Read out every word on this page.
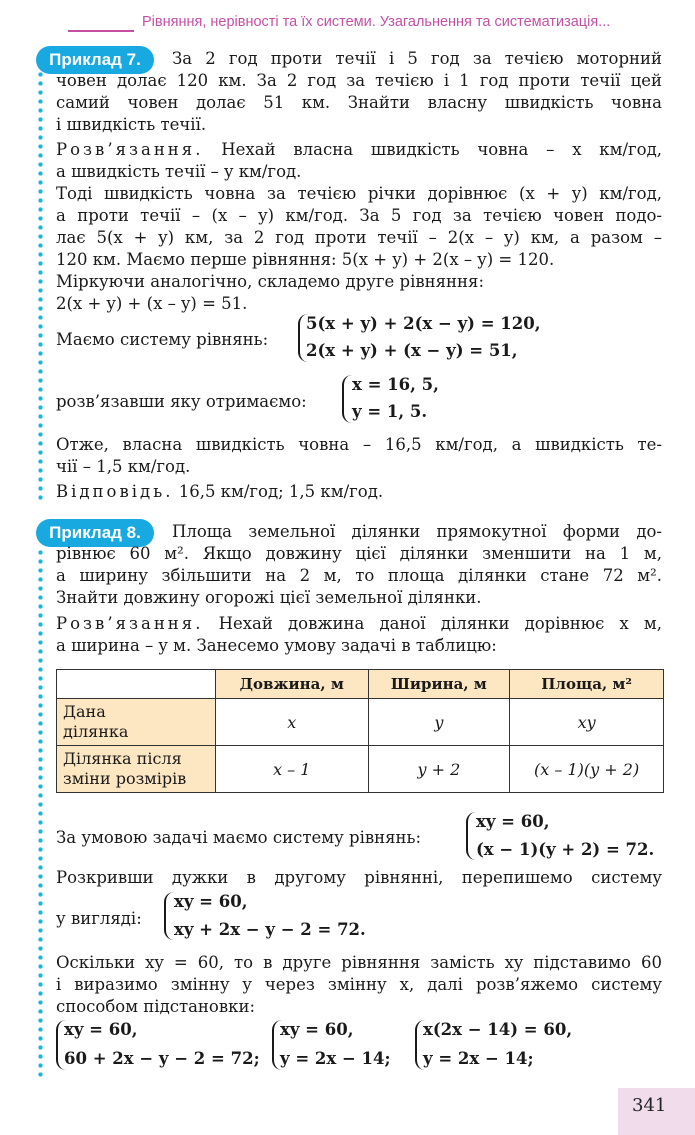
Рівняння, нерівності та їх системи. Узагальнення та систематизація...
Приклад 7.	За 2 год проти течії і 5 год за течією моторний
човен долає 120 км. За 2 год за течією і 1 год проти течії цей
самий човен долає 51 км. Знайти власну швидкість човна
і швидкість течії.
Розв’язання. Нехай власна швидкість човна – x км/год,
а швидкість течії – y км/год.
Тоді швидкість човна за течією річки дорівнює (x + y) км/год,
а проти течії – (x – y) км/год. За 5 год за течією човен подо-
лає 5(x + y) км, за 2 год проти течії – 2(x – y) км, а разом –
120 км. Маємо перше рівняння: 5(x + y) + 2(x – y) = 120.
Міркуючи аналогічно, складемо друге рівняння:
2(x + y) + (x – y) = 51.
Маємо систему рівнянь:
5(x + y) + 2(x − y) = 120,
2(x + y) + (x − y) = 51,
розв’язавши яку отримаємо:
x = 16, 5,
y = 1, 5.
Отже, власна швидкість човна – 16,5 км/год, а швидкість те-
чії – 1,5 км/год.
Відповідь. 16,5 км/год; 1,5 км/год.
Приклад 8.	Площа земельної ділянки прямокутної форми до-
рівнює 60 м². Якщо довжину цієї ділянки зменшити на 1 м,
а ширину збільшити на 2 м, то площа ділянки стане 72 м².
Знайти довжину огорожі цієї земельної ділянки.
Розв’язання. Нехай довжина даної ділянки дорівнює x м,
а ширина – y м. Занесемо умову задачі в таблицю:
	Довжина, м	Ширина, м	Площа, м²
Дана
ділянка	x	y	xy
Ділянка після
зміни розмірів	x – 1	y + 2	(x – 1)(y + 2)
За умовою задачі маємо систему рівнянь:
xy = 60,
(x − 1)(y + 2) = 72.
Розкривши дужки в другому рівнянні, перепишемо систему
у вигляді:
xy = 60,
xy + 2x − y − 2 = 72.
Оскільки xy = 60, то в друге рівняння замість xy підставимо 60
і виразимо змінну y через змінну x, далі розв’яжемо систему
способом підстановки:
xy = 60,
60 + 2x − y − 2 = 72;
xy = 60,
y = 2x − 14;
x(2x − 14) = 60,
y = 2x − 14;
341
